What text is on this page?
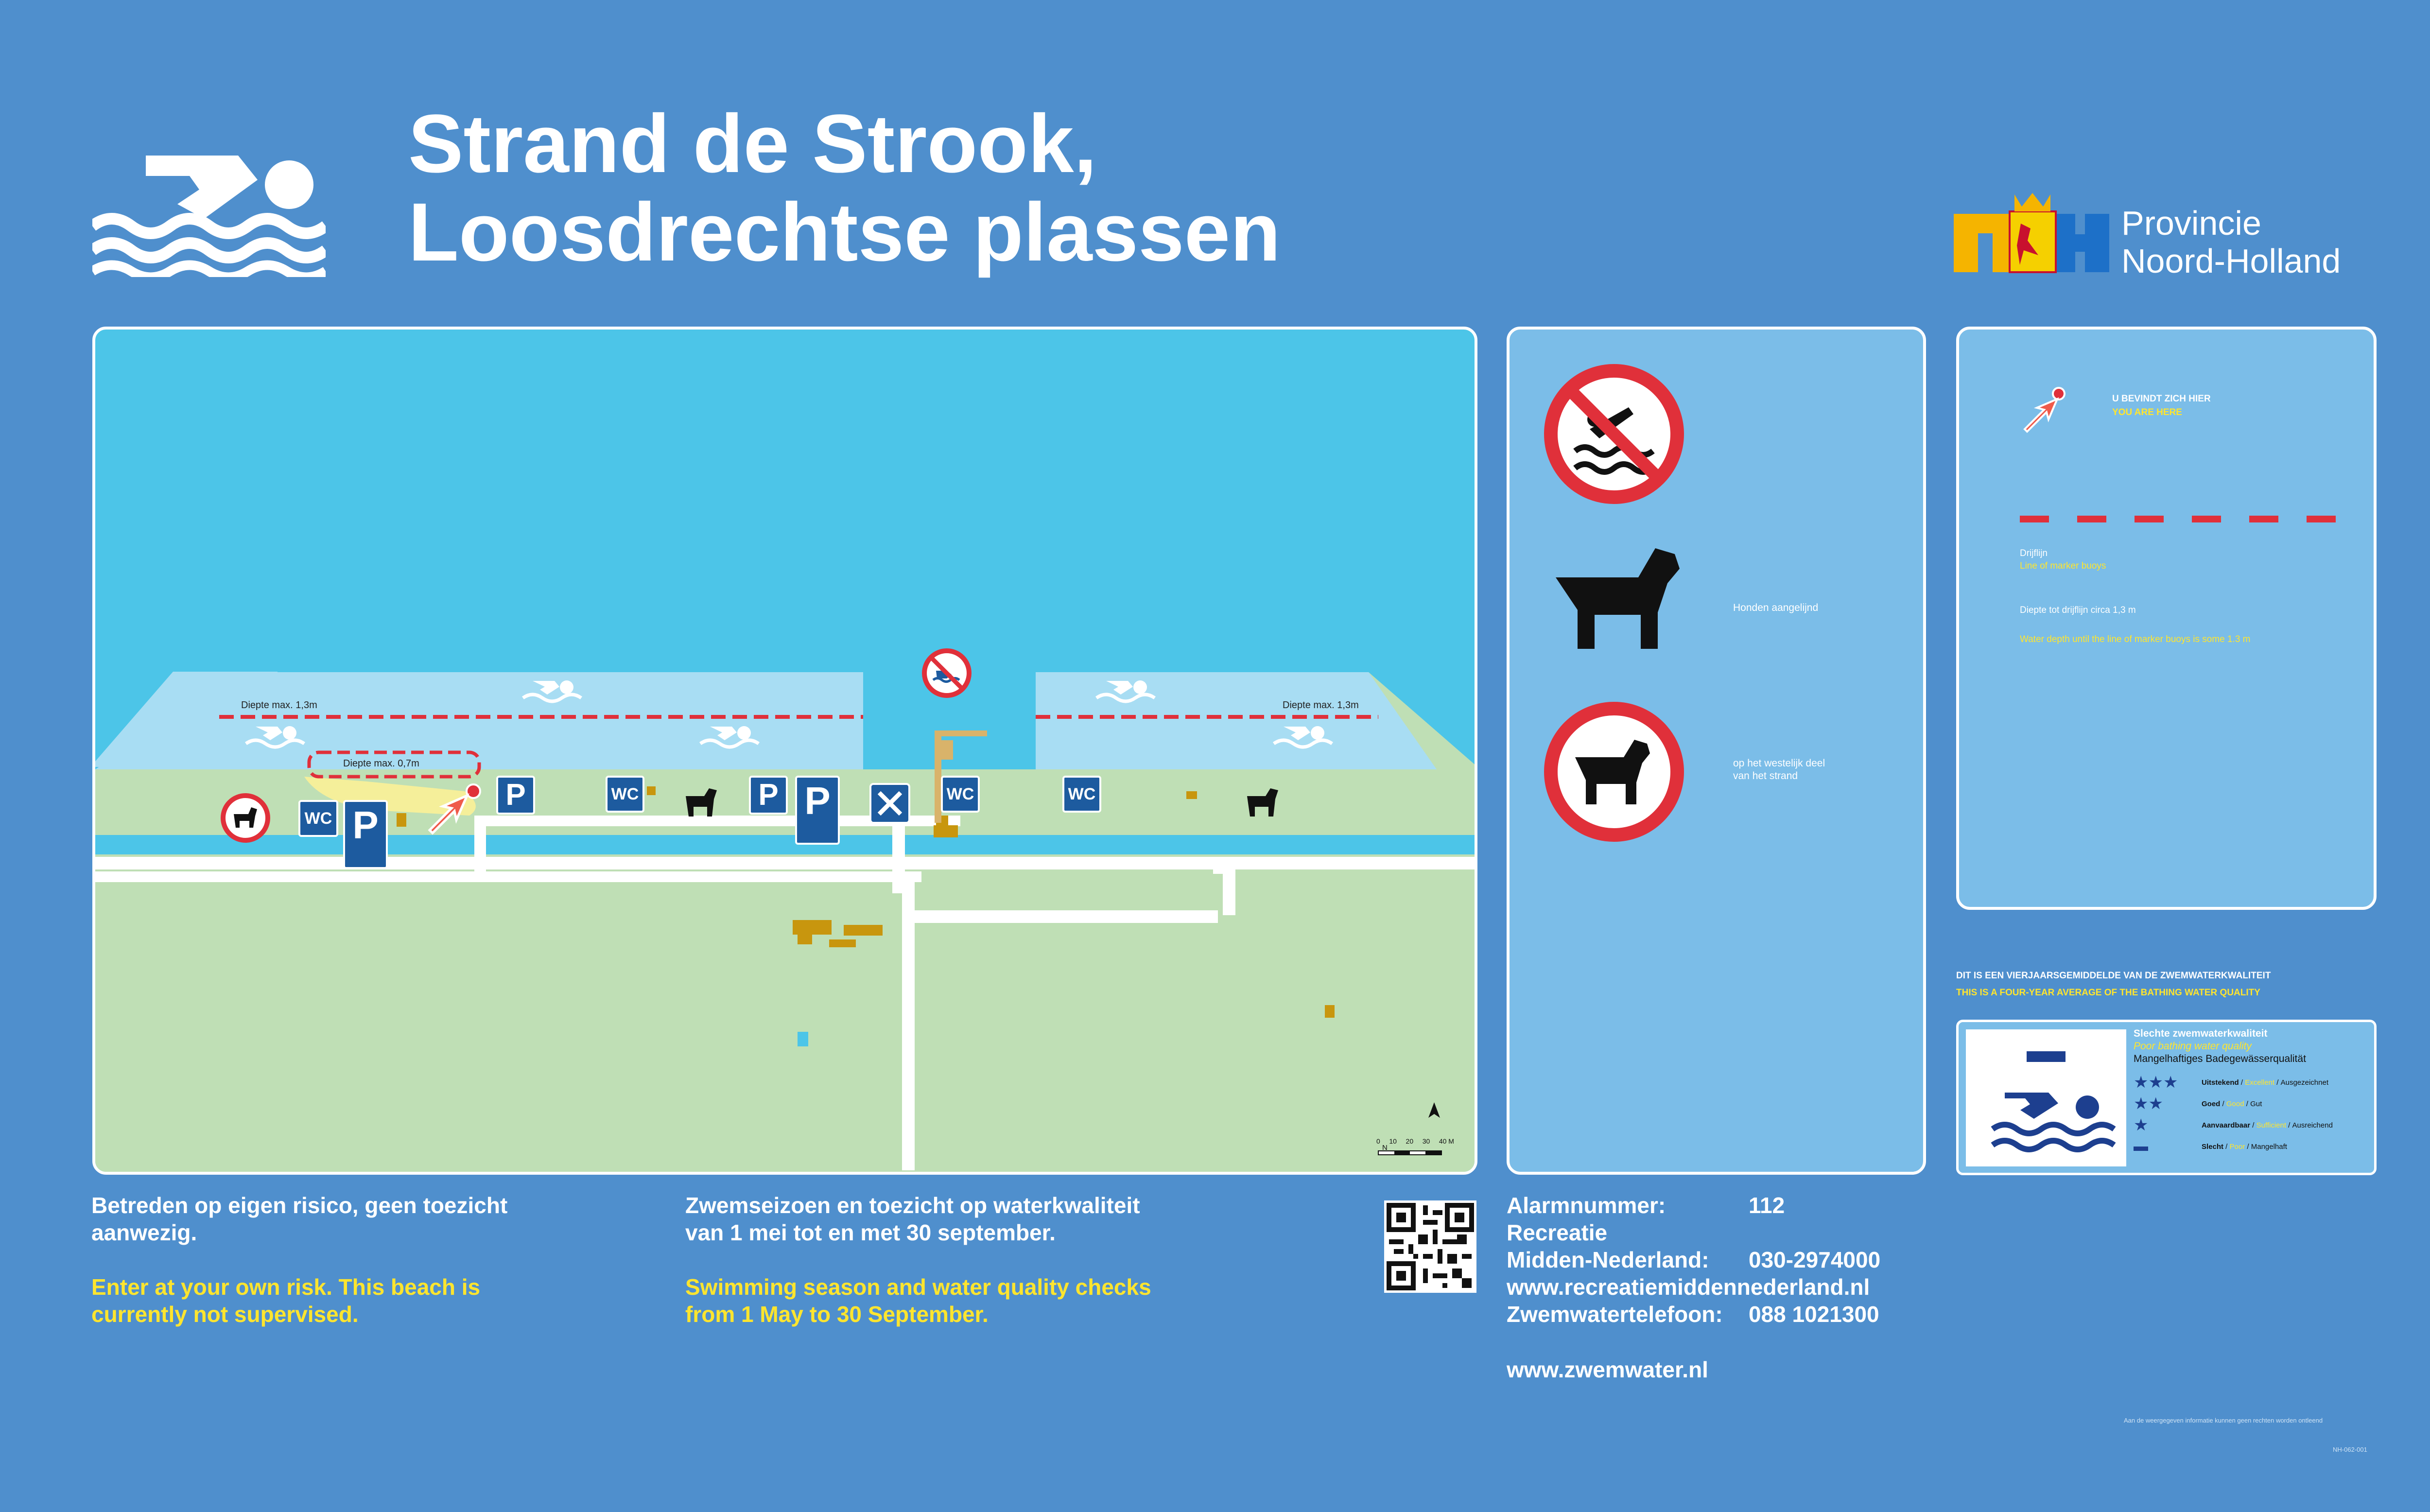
Strand de Strook,
Loosdrechtse plassen	Provincie
Noord-Holland
Diepte max. 1,3m	Diepte max. 1,3m
Diepte max. 0,7m
WC
WC	WC	WC
P
P	P P
N
0 10 20 30 40 M
Honden aangelijnd
op het westelijk deel
van het strand
U BEVINDT ZICH HIER
YOU ARE HERE
Drijflijn
Line of marker buoys
Diepte tot drijflijn circa 1,3 m
Water depth until the line of marker buoys is some 1.3 m
DIT IS EEN VIERJAARSGEMIDDELDE VAN DE ZWEMWATERKWALITEIT
THIS IS A FOUR-YEAR AVERAGE OF THE BATHING WATER QUALITY
Slechte zwemwaterkwaliteit
Poor bathing water quality
Mangelhaftiges Badegewässerqualität
★★★	Uitstekend / Excellent / Ausgezeichnet
★★	Goed / Good / Gut
★	Aanvaardbaar / Sufficient / Ausreichend
▬	Slecht / Poor / Mangelhaft
Betreden op eigen risico, geen toezicht aanwezig.
Enter at your own risk. This beach is currently not supervised.
Zwemseizoen en toezicht op waterkwaliteit van 1 mei tot en met 30 september.
Swimming season and water quality checks from 1 May to 30 September.
Alarmnummer:	112
Recreatie
Midden-Nederland: 030-2974000
www.recreatiemiddennederland.nl
Zwemwatertelefoon: 088 1021300
www.zwemwater.nl
Aan de weergegeven informatie kunnen geen rechten worden ontleend
NH-062-001
